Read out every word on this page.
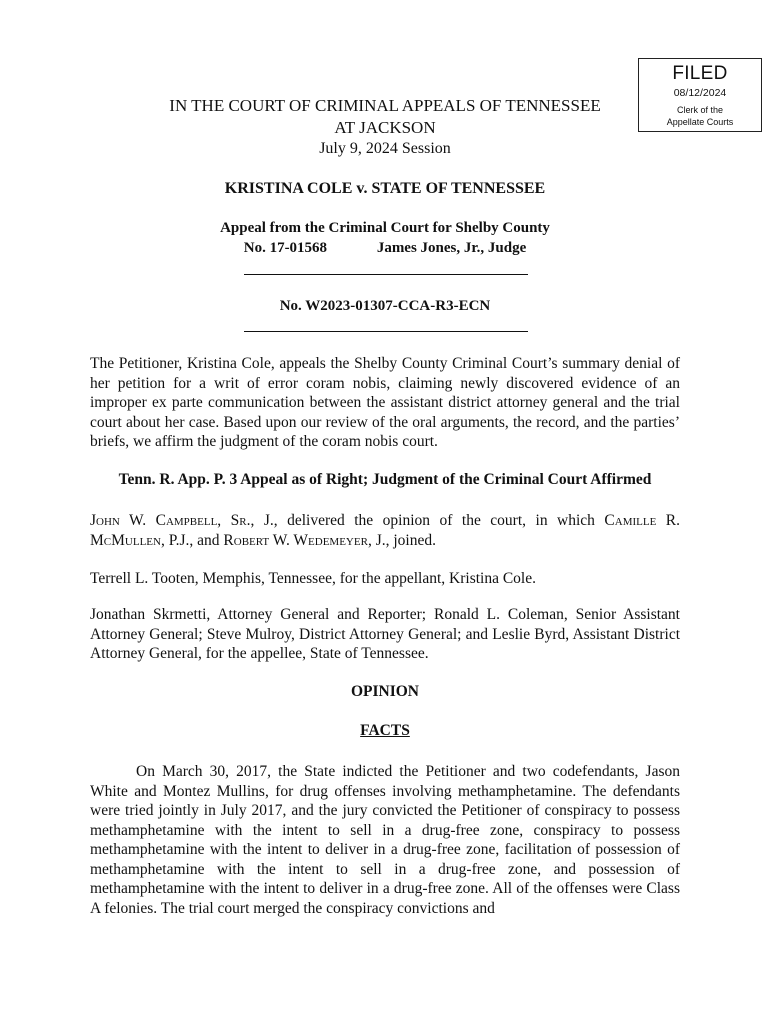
FILED
08/12/2024
Clerk of the
Appellate Courts
IN THE COURT OF CRIMINAL APPEALS OF TENNESSEE
AT JACKSON
July 9, 2024 Session
KRISTINA COLE v. STATE OF TENNESSEE
Appeal from the Criminal Court for Shelby County
No. 17-01568	James Jones, Jr., Judge
No. W2023-01307-CCA-R3-ECN

The Petitioner, Kristina Cole, appeals the Shelby County Criminal Court’s summary denial of her petition for a writ of error coram nobis, claiming newly discovered evidence of an improper ex parte communication between the assistant district attorney general and the trial court about her case. Based upon our review of the oral arguments, the record, and the parties’ briefs, we affirm the judgment of the coram nobis court.

Tenn. R. App. P. 3 Appeal as of Right; Judgment of the Criminal Court Affirmed

John W. Campbell, Sr., J., delivered the opinion of the court, in which Camille R. McMullen, P.J., and Robert W. Wedemeyer, J., joined.

Terrell L. Tooten, Memphis, Tennessee, for the appellant, Kristina Cole.

Jonathan Skrmetti, Attorney General and Reporter; Ronald L. Coleman, Senior Assistant Attorney General; Steve Mulroy, District Attorney General; and Leslie Byrd, Assistant District Attorney General, for the appellee, State of Tennessee.

OPINION
FACTS

On March 30, 2017, the State indicted the Petitioner and two codefendants, Jason White and Montez Mullins, for drug offenses involving methamphetamine. The defendants were tried jointly in July 2017, and the jury convicted the Petitioner of conspiracy to possess methamphetamine with the intent to sell in a drug-free zone, conspiracy to possess methamphetamine with the intent to deliver in a drug-free zone, facilitation of possession of methamphetamine with the intent to sell in a drug-free zone, and possession of methamphetamine with the intent to deliver in a drug-free zone. All of the offenses were Class A felonies. The trial court merged the conspiracy convictions and
